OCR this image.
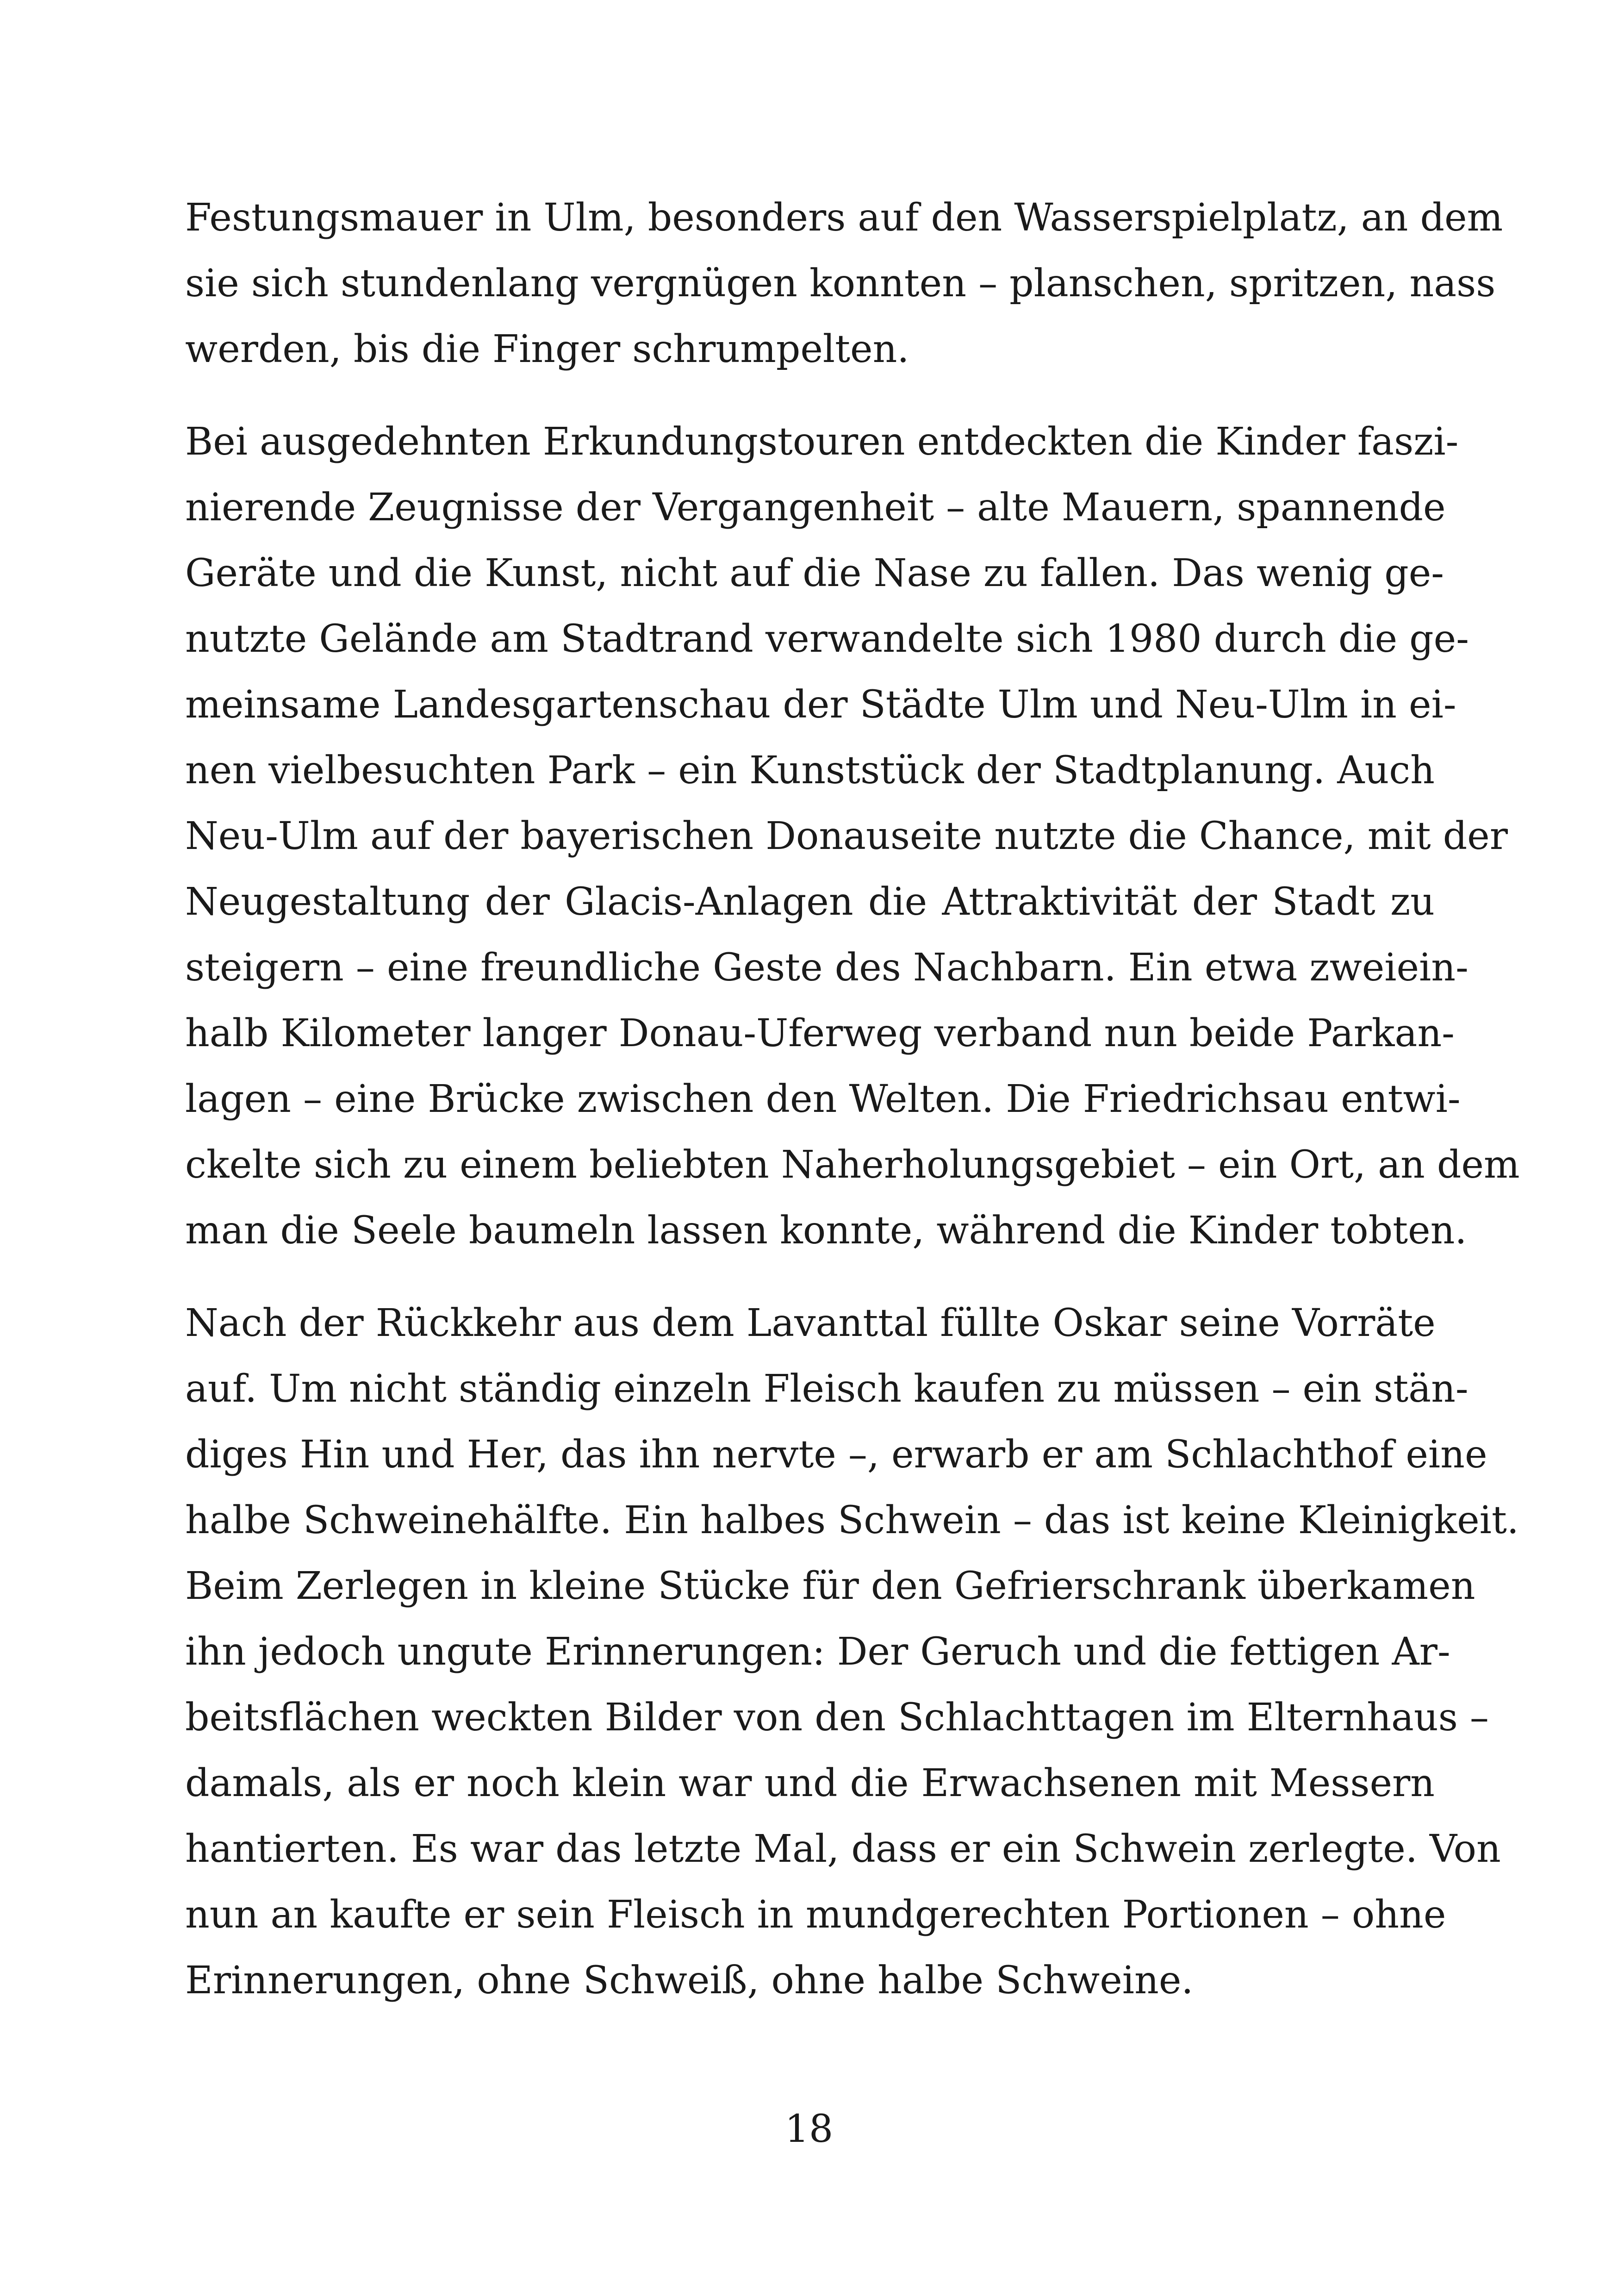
Festungsmauer in Ulm, besonders auf den Wasserspielplatz, an dem
sie sich stundenlang vergnügen konnten – planschen, spritzen, nass
werden, bis die Finger schrumpelten.

Bei ausgedehnten Erkundungstouren entdeckten die Kinder faszi-
nierende Zeugnisse der Vergangenheit – alte Mauern, spannende
Geräte und die Kunst, nicht auf die Nase zu fallen. Das wenig ge-
nutzte Gelände am Stadtrand verwandelte sich 1980 durch die ge-
meinsame Landesgartenschau der Städte Ulm und Neu-Ulm in ei-
nen vielbesuchten Park – ein Kunststück der Stadtplanung. Auch
Neu-Ulm auf der bayerischen Donauseite nutzte die Chance, mit der
Neugestaltung der Glacis-Anlagen die Attraktivität der Stadt zu
steigern – eine freundliche Geste des Nachbarn. Ein etwa zweiein-
halb Kilometer langer Donau-Uferweg verband nun beide Parkan-
lagen – eine Brücke zwischen den Welten. Die Friedrichsau entwi-
ckelte sich zu einem beliebten Naherholungsgebiet – ein Ort, an dem
man die Seele baumeln lassen konnte, während die Kinder tobten.

Nach der Rückkehr aus dem Lavanttal füllte Oskar seine Vorräte
auf. Um nicht ständig einzeln Fleisch kaufen zu müssen – ein stän-
diges Hin und Her, das ihn nervte –, erwarb er am Schlachthof eine
halbe Schweinehälfte. Ein halbes Schwein – das ist keine Kleinigkeit.
Beim Zerlegen in kleine Stücke für den Gefrierschrank überkamen
ihn jedoch ungute Erinnerungen: Der Geruch und die fettigen Ar-
beitsflächen weckten Bilder von den Schlachttagen im Elternhaus –
damals, als er noch klein war und die Erwachsenen mit Messern
hantierten. Es war das letzte Mal, dass er ein Schwein zerlegte. Von
nun an kaufte er sein Fleisch in mundgerechten Portionen – ohne
Erinnerungen, ohne Schweiß, ohne halbe Schweine.

18
